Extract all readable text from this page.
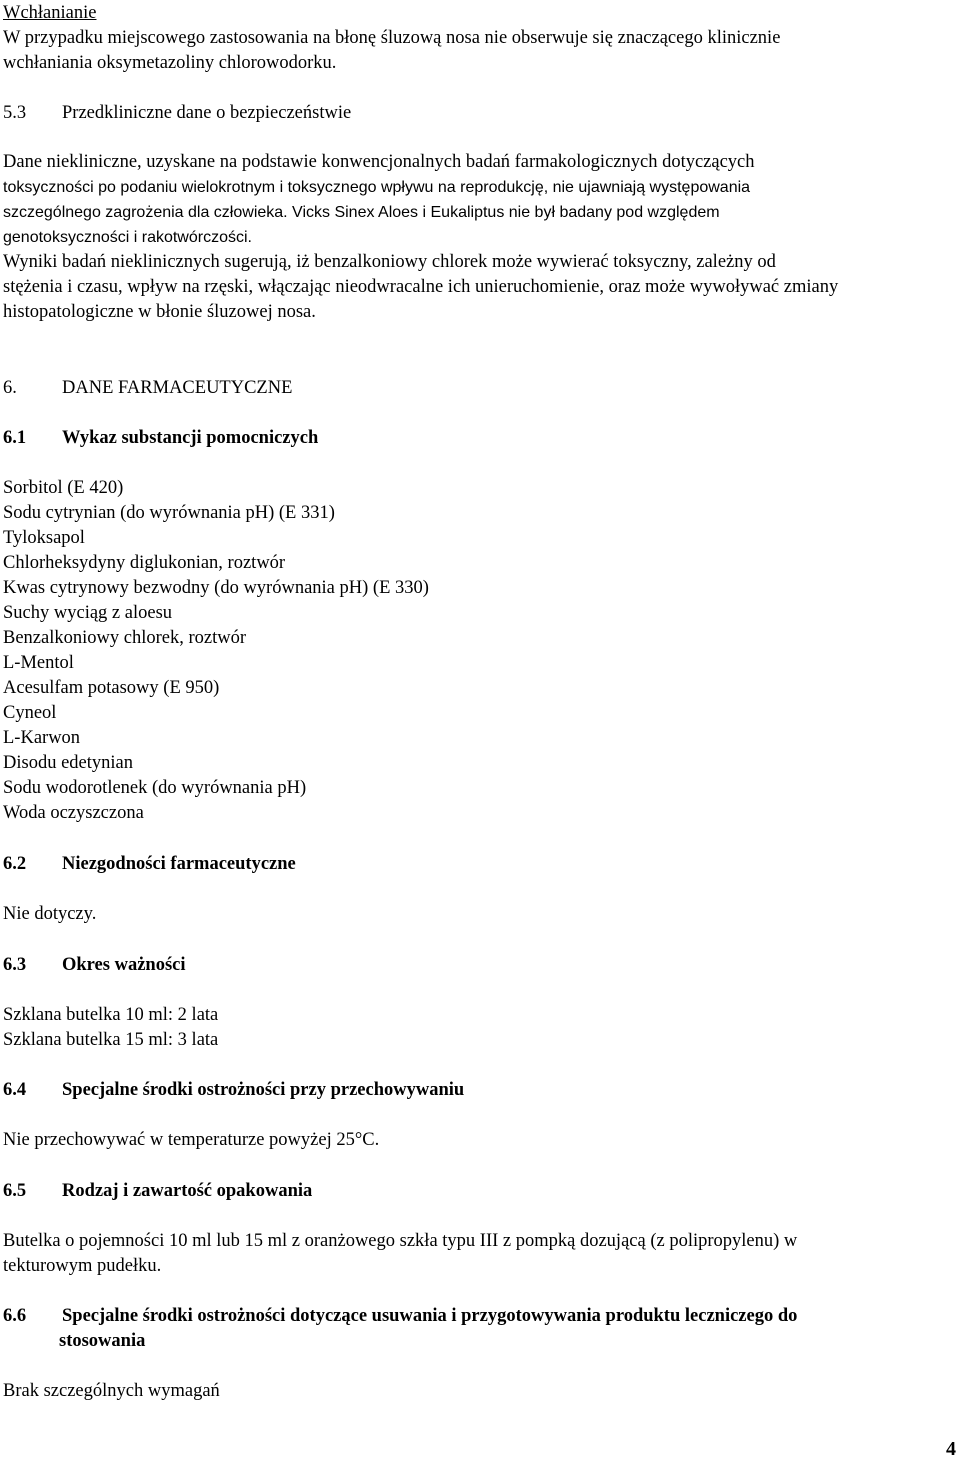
Wchłanianie
W przypadku miejscowego zastosowania na błonę śluzową nosa nie obserwuje się znaczącego klinicznie
wchłaniania oksymetazoliny chlorowodorku.
5.3 Przedkliniczne dane o bezpieczeństwie
Dane niekliniczne, uzyskane na podstawie konwencjonalnych badań farmakologicznych dotyczących
toksyczności po podaniu wielokrotnym i toksycznego wpływu na reprodukcję, nie ujawniają występowania
szczególnego zagrożenia dla człowieka. Vicks Sinex Aloes i Eukaliptus nie był badany pod względem
genotoksyczności i rakotwórczości.
Wyniki badań nieklinicznych sugerują, iż benzalkoniowy chlorek może wywierać toksyczny, zależny od
stężenia i czasu, wpływ na rzęski, włączając nieodwracalne ich unieruchomienie, oraz może wywoływać zmiany
histopatologiczne w błonie śluzowej nosa.
6. DANE FARMACEUTYCZNE
6.1 Wykaz substancji pomocniczych
Sorbitol (E 420)
Sodu cytrynian (do wyrównania pH) (E 331)
Tyloksapol
Chlorheksydyny diglukonian, roztwór
Kwas cytrynowy bezwodny (do wyrównania pH) (E 330)
Suchy wyciąg z aloesu
Benzalkoniowy chlorek, roztwór
L-Mentol
Acesulfam potasowy (E 950)
Cyneol
L-Karwon
Disodu edetynian
Sodu wodorotlenek (do wyrównania pH)
Woda oczyszczona
6.2 Niezgodności farmaceutyczne
Nie dotyczy.
6.3 Okres ważności
Szklana butelka 10 ml: 2 lata
Szklana butelka 15 ml: 3 lata
6.4 Specjalne środki ostrożności przy przechowywaniu
Nie przechowywać w temperaturze powyżej 25°C.
6.5 Rodzaj i zawartość opakowania
Butelka o pojemności 10 ml lub 15 ml z oranżowego szkła typu III z pompką dozującą (z polipropylenu) w
tekturowym pudełku.
6.6 Specjalne środki ostrożności dotyczące usuwania i przygotowywania produktu leczniczego do
stosowania
Brak szczególnych wymagań
4
